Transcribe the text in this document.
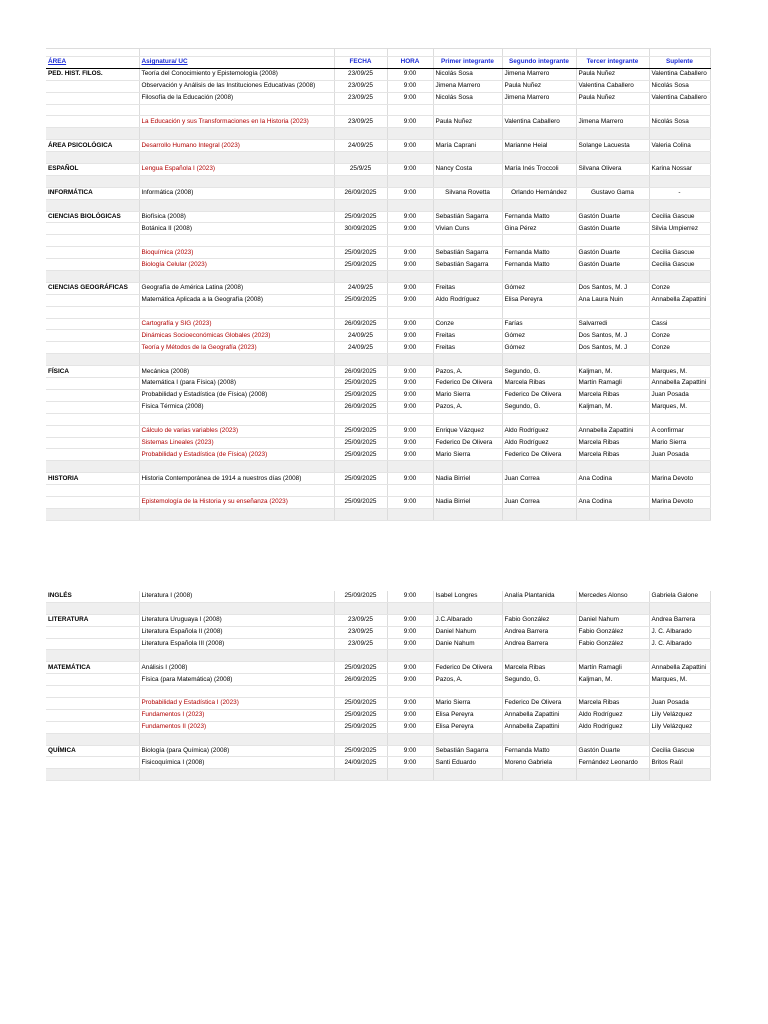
ÁREA	Asignatura/ UC	FECHA	HORA	Primer integrante	Segundo integrante	Tercer integrante	Suplente
PED. HIST. FILOS.	Teoría del Conocimiento y Epistemología (2008)	23/09/25	9:00	Nicolás Sosa	Jimena Marrero	Paula Nuñez	Valentina Caballero
	Observación y Análisis de las Instituciones Educativas (2008)	23/09/25	9:00	Jimena Marrero	Paula Nuñez	Valentina Caballero	Nicolás Sosa
	Filosofía de la Educación (2008)	23/09/25	9:00	Nicolás Sosa	Jimena Marrero	Paula Nuñez	Valentina Caballero

	La Educación y sus Transformaciones en la Historia (2023)	23/09/25	9:00	Paula Nuñez	Valentina Caballero	Jimena Marrero	Nicolás Sosa

ÁREA PSICOLÓGICA	Desarrollo Humano Integral (2023)	24/09/25	9:00	María Caprani	Marianne Heial	Solange Lacuesta	Valeria Colina

ESPAÑOL	Lengua Española I (2023)	25/9/25	9:00	Nancy Costa	María Inés Troccoli	Silvana Olivera	Karina Nossar

INFORMÁTICA	Informática (2008)	26/09/2025	9:00	Silvana Rovetta	Orlando Hernández	Gustavo Gama	-

CIENCIAS BIOLÓGICAS	Biofísica (2008)	25/09/2025	9:00	Sebastián Sagarra	Fernanda Matto	Gastón Duarte	Cecilia Gascue
	Botánica II (2008)	30/09/2025	9:00	Vivian Cuns	Gina Pérez	Gastón Duarte	Silvia Umpierrez

	Bioquímica (2023)	25/09/2025	9:00	Sebastián Sagarra	Fernanda Matto	Gastón Duarte	Cecilia Gascue
	Biología Celular (2023)	25/09/2025	9:00	Sebastián Sagarra	Fernanda Matto	Gastón Duarte	Cecilia Gascue

CIENCIAS GEOGRÁFICAS	Geografía de América Latina (2008)	24/09/25	9:00	Freitas	Gómez	Dos Santos, M. J	Conze
	Matemática Aplicada a la Geografía (2008)	25/09/2025	9:00	Aldo Rodríguez	Elisa Pereyra	Ana Laura Nuin	Annabella Zapattini

	Cartografía y SIG (2023)	26/09/2025	9:00	Conze	Farías	Salvarredi	Cassi
	Dinámicas Socioeconómicas Globales (2023)	24/09/25	9:00	Freitas	Gómez	Dos Santos, M. J	Conze
	Teoría y Métodos de la Geografía (2023)	24/09/25	9:00	Freitas	Gómez	Dos Santos, M. J	Conze

FÍSICA	Mecánica (2008)	26/09/2025	9:00	Pazos, A.	Segundo, G.	Kaljman, M.	Marques, M.
	Matemática I (para Física) (2008)	25/09/2025	9:00	Federico De Olivera	Marcela Ribas	Martín Ramagli	Annabella Zapattini
	Probabilidad y Estadística (de Física) (2008)	25/09/2025	9:00	Mario Sierra	Federico De Olivera	Marcela Ribas	Juan Posada
	Física Térmica (2008)	26/09/2025	9:00	Pazos, A.	Segundo, G.	Kaljman, M.	Marques, M.

	Cálculo de varias variables (2023)	25/09/2025	9:00	Enrique Vázquez	Aldo Rodríguez	Annabella Zapattini	A confirmar
	Sistemas Lineales (2023)	25/09/2025	9:00	Federico De Olivera	Aldo Rodríguez	Marcela Ribas	Mario Sierra
	Probabilidad y Estadística (de Física) (2023)	25/09/2025	9:00	Mario Sierra	Federico De Olivera	Marcela Ribas	Juan Posada

HISTORIA	Historia Contemporánea de 1914 a nuestros días (2008)	25/09/2025	9:00	Nadia Birriel	Juan Correa	Ana Codina	Marina Devoto

	Epistemología de la Historia y su enseñanza (2023)	25/09/2025	9:00	Nadia Birriel	Juan Correa	Ana Codina	Marina Devoto

INGLÉS	Literatura I (2008)	25/09/2025	9:00	Isabel Longres	Analía Plantanida	Mercedes Alonso	Gabriela Galone

LITERATURA	Literatura Uruguaya I (2008)	23/09/25	9:00	J.C.Albarado	Fabio González	Daniel Nahum	Andrea Barrera
	Literatura Española II (2008)	23/09/25	9:00	Daniel Nahum	Andrea Barrera	Fabio González	J. C. Albarado
	Literatura Española III (2008)	23/09/25	9:00	Danie Nahum	Andrea Barrera	Fabio González	J. C. Albarado

MATEMÁTICA	Análisis I (2008)	25/09/2025	9:00	Federico De Olivera	Marcela Ribas	Martín Ramagli	Annabella Zapattini
	Física (para Matemática) (2008)	26/09/2025	9:00	Pazos, A.	Segundo, G.	Kaljman, M.	Marques, M.

	Probabilidad y Estadística I (2023)	25/09/2025	9:00	Mario Sierra	Federico De Olivera	Marcela Ribas	Juan Posada
	Fundamentos I (2023)	25/09/2025	9:00	Elisa Pereyra	Annabella Zapattini	Aldo Rodríguez	Lily Velázquez
	Fundamentos II (2023)	25/09/2025	9:00	Elisa Pereyra	Annabella Zapattini	Aldo Rodríguez	Lily Velázquez

QUÍMICA	Biología (para Química) (2008)	25/09/2025	9:00	Sebastián Sagarra	Fernanda Matto	Gastón Duarte	Cecilia Gascue
	Fisicoquímica I (2008)	24/09/2025	9:00	Santi Eduardo	Moreno Gabriela	Fernández Leonardo	Britos Raúl
